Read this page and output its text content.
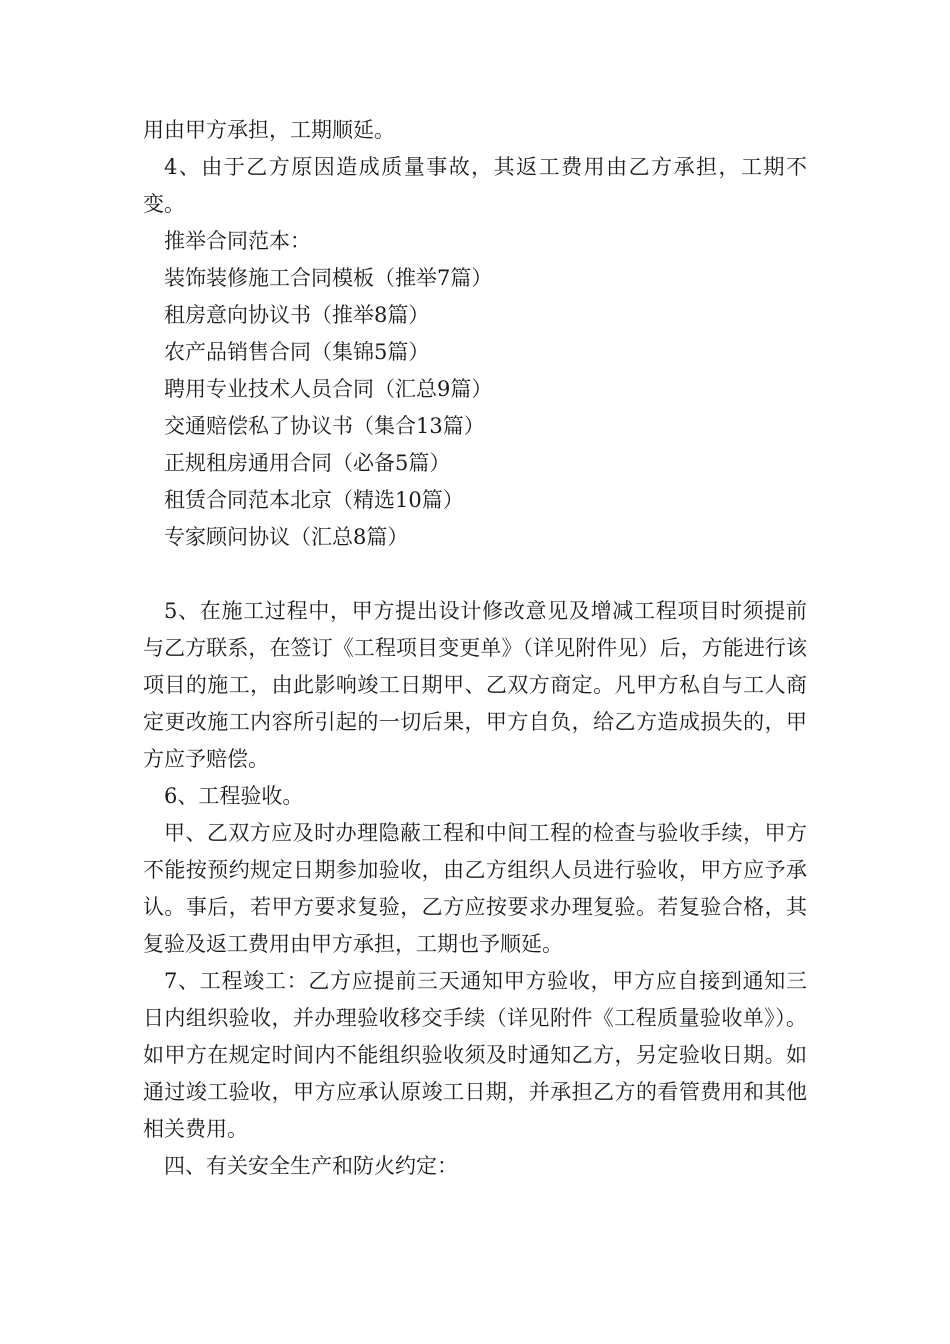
用由甲方承担，工期顺延。

4、由于乙方原因造成质量事故，其返工费用由乙方承担，工期不变。

推举合同范本：

装饰装修施工合同模板（推举7篇）

租房意向协议书（推举8篇）

农产品销售合同（集锦5篇）

聘用专业技术人员合同（汇总9篇）

交通赔偿私了协议书（集合13篇）

正规租房通用合同（必备5篇）

租赁合同范本北京（精选10篇）

专家顾问协议（汇总8篇）

5、在施工过程中，甲方提出设计修改意见及增减工程项目时须提前与乙方联系，在签订《工程项目变更单》（详见附件见）后，方能进行该项目的施工，由此影响竣工日期甲、乙双方商定。凡甲方私自与工人商定更改施工内容所引起的一切后果，甲方自负，给乙方造成损失的，甲方应予赔偿。

6、工程验收。

甲、乙双方应及时办理隐蔽工程和中间工程的检查与验收手续，甲方不能按预约规定日期参加验收，由乙方组织人员进行验收，甲方应予承认。事后，若甲方要求复验，乙方应按要求办理复验。若复验合格，其复验及返工费用由甲方承担，工期也予顺延。

7、工程竣工：乙方应提前三天通知甲方验收，甲方应自接到通知三日内组织验收，并办理验收移交手续（详见附件《工程质量验收单》）。如甲方在规定时间内不能组织验收须及时通知乙方，另定验收日期。如通过竣工验收，甲方应承认原竣工日期，并承担乙方的看管费用和其他相关费用。

四、有关安全生产和防火约定：
